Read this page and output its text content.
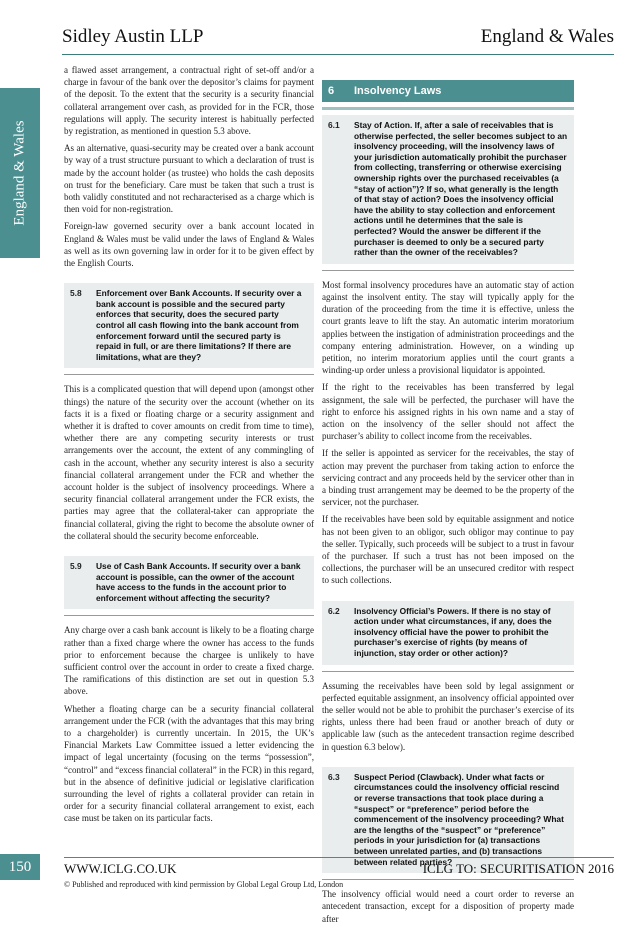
Sidley Austin LLP	England & Wales
England & Wales

a flawed asset arrangement, a contractual right of set-off and/or a charge in favour of the bank over the depositor’s claims for payment of the deposit. To the extent that the security is a security financial collateral arrangement over cash, as provided for in the FCR, those regulations will apply. The security interest is habitually perfected by registration, as mentioned in question 5.3 above.

As an alternative, quasi-security may be created over a bank account by way of a trust structure pursuant to which a declaration of trust is made by the account holder (as trustee) who holds the cash deposits on trust for the beneficiary. Care must be taken that such a trust is both validly constituted and not recharacterised as a charge which is then void for non-registration.

Foreign-law governed security over a bank account located in England & Wales must be valid under the laws of England & Wales as well as its own governing law in order for it to be given effect by the English Courts.

5.8	Enforcement over Bank Accounts. If security over a bank account is possible and the secured party enforces that security, does the secured party control all cash flowing into the bank account from enforcement forward until the secured party is repaid in full, or are there limitations? If there are limitations, what are they?

This is a complicated question that will depend upon (amongst other things) the nature of the security over the account (whether on its facts it is a fixed or floating charge or a security assignment and whether it is drafted to cover amounts on credit from time to time), whether there are any competing security interests or trust arrangements over the account, the extent of any commingling of cash in the account, whether any security interest is also a security financial collateral arrangement under the FCR and whether the account holder is the subject of insolvency proceedings. Where a security financial collateral arrangement under the FCR exists, the parties may agree that the collateral-taker can appropriate the financial collateral, giving the right to become the absolute owner of the collateral should the security become enforceable.

5.9	Use of Cash Bank Accounts. If security over a bank account is possible, can the owner of the account have access to the funds in the account prior to enforcement without affecting the security?

Any charge over a cash bank account is likely to be a floating charge rather than a fixed charge where the owner has access to the funds prior to enforcement because the chargee is unlikely to have sufficient control over the account in order to create a fixed charge. The ramifications of this distinction are set out in question 5.3 above.

Whether a floating charge can be a security financial collateral arrangement under the FCR (with the advantages that this may bring to a chargeholder) is currently uncertain. In 2015, the UK’s Financial Markets Law Committee issued a letter evidencing the impact of legal uncertainty (focusing on the terms “possession”, “control” and “excess financial collateral” in the FCR) in this regard, but in the absence of definitive judicial or legislative clarification surrounding the level of rights a collateral provider can retain in order for a security financial collateral arrangement to exist, each case must be taken on its particular facts.

6	Insolvency Laws
6.1	Stay of Action. If, after a sale of receivables that is otherwise perfected, the seller becomes subject to an insolvency proceeding, will the insolvency laws of your jurisdiction automatically prohibit the purchaser from collecting, transferring or otherwise exercising ownership rights over the purchased receivables (a “stay of action”)? If so, what generally is the length of that stay of action? Does the insolvency official have the ability to stay collection and enforcement actions until he determines that the sale is perfected? Would the answer be different if the purchaser is deemed to only be a secured party rather than the owner of the receivables?

Most formal insolvency procedures have an automatic stay of action against the insolvent entity. The stay will typically apply for the duration of the proceeding from the time it is effective, unless the court grants leave to lift the stay. An automatic interim moratorium applies between the instigation of administration proceedings and the company entering administration. However, on a winding up petition, no interim moratorium applies until the court grants a winding-up order unless a provisional liquidator is appointed.

If the right to the receivables has been transferred by legal assignment, the sale will be perfected, the purchaser will have the right to enforce his assigned rights in his own name and a stay of action on the insolvency of the seller should not affect the purchaser’s ability to collect income from the receivables.

If the seller is appointed as servicer for the receivables, the stay of action may prevent the purchaser from taking action to enforce the servicing contract and any proceeds held by the servicer other than in a binding trust arrangement may be deemed to be the property of the servicer, not the purchaser.

If the receivables have been sold by equitable assignment and notice has not been given to an obligor, such obligor may continue to pay the seller. Typically, such proceeds will be subject to a trust in favour of the purchaser. If such a trust has not been imposed on the collections, the purchaser will be an unsecured creditor with respect to such collections.

6.2	Insolvency Official’s Powers. If there is no stay of action under what circumstances, if any, does the insolvency official have the power to prohibit the purchaser’s exercise of rights (by means of injunction, stay order or other action)?

Assuming the receivables have been sold by legal assignment or perfected equitable assignment, an insolvency official appointed over the seller would not be able to prohibit the purchaser’s exercise of its rights, unless there had been fraud or another breach of duty or applicable law (such as the antecedent transaction regime described in question 6.3 below).

6.3	Suspect Period (Clawback). Under what facts or circumstances could the insolvency official rescind or reverse transactions that took place during a “suspect” or “preference” period before the commencement of the insolvency proceeding? What are the lengths of the “suspect” or “preference” periods in your jurisdiction for (a) transactions between unrelated parties, and (b) transactions between related parties?

The insolvency official would need a court order to reverse an antecedent transaction, except for a disposition of property made after

150	WWW.ICLG.CO.UK
© Published and reproduced with kind permission by Global Legal Group Ltd, London
ICLG TO: SECURITISATION 2016
